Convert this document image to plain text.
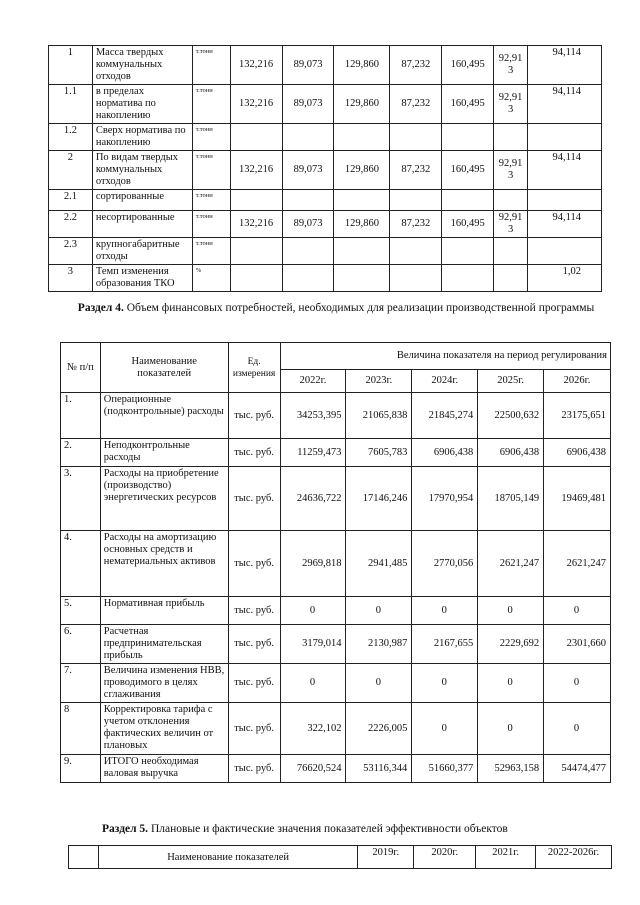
1	Масса твердых коммунальных отходов	т.тонн	132,216	89,073	129,860	87,232	160,495	92,91 3	94,114
1.1	в пределах норматива по накоплению	т.тонн	132,216	89,073	129,860	87,232	160,495	92,91 3	94,114
1.2	Сверх норматива по накоплению	т.тонн							
2	По видам твердых коммунальных отходов	т.тонн	132,216	89,073	129,860	87,232	160,495	92,91 3	94,114
2.1	сортированные	т.тонн							
2.2	несортированные	т.тонн	132,216	89,073	129,860	87,232	160,495	92,91 3	94,114
2.3	крупногабаритные отходы	т.тонн							
3	Темп изменения образования ТКО	%							1,02
Раздел 4. Объем финансовых потребностей, необходимых для реализации производственной программы
№ п/п	Наименование показателей	Ед. измерения	Величина показателя на период регулирования				
			2022г.	2023г.	2024г.	2025г.	2026г.
1.	Операционные (подконтрольные) расходы	тыс. руб.	34253,395	21065,838	21845,274	22500,632	23175,651
2.	Неподконтрольные расходы	тыс. руб.	11259,473	7605,783	6906,438	6906,438	6906,438
3.	Расходы на приобретение (производство) энергетических ресурсов	тыс. руб.	24636,722	17146,246	17970,954	18705,149	19469,481
4.	Расходы на амортизацию основных средств и нематериальных активов	тыс. руб.	2969,818	2941,485	2770,056	2621,247	2621,247
5.	Нормативная прибыль	тыс. руб.	0	0	0	0	0
6.	Расчетная предпринимательская прибыль	тыс. руб.	3179,014	2130,987	2167,655	2229,692	2301,660
7.	Величина изменения НВВ, проводимого в целях сглаживания	тыс. руб.	0	0	0	0	0
8	Корректировка тарифа с учетом отклонения фактических величин от плановых	тыс. руб.	322,102	2226,005	0	0	0
9.	ИТОГО необходимая валовая выручка	тыс. руб.	76620,524	53116,344	51660,377	52963,158	54474,477
Раздел 5. Плановые и фактические значения показателей эффективности объектов
	Наименование показателей	2019г.	2020г.	2021г.	2022-2026г.
